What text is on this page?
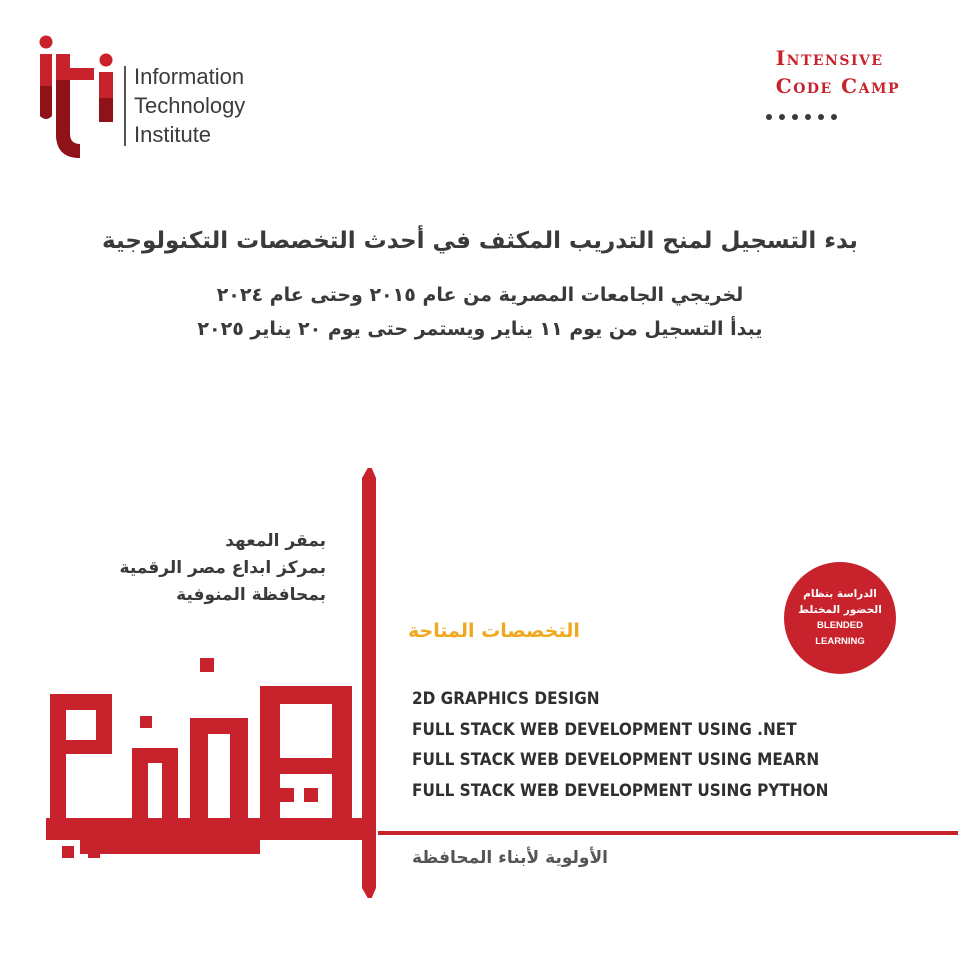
Information
Technology
Institute
Intensive
Code Camp
بدء التسجيل لمنح التدريب المكثف في أحدث التخصصات التكنولوجية
لخريجي الجامعات المصرية من عام ٢٠١٥ وحتى عام ٢٠٢٤
يبدأ التسجيل من يوم ١١ يناير ويستمر حتى يوم ٢٠ يناير ٢٠٢٥
بمقر المعهد
بمركز ابداع مصر الرقمية
بمحافظة المنوفية
التخصصات المتاحة
2D GRAPHICS DESIGN
FULL STACK WEB DEVELOPMENT USING .NET
FULL STACK WEB DEVELOPMENT USING MEARN
FULL STACK WEB DEVELOPMENT USING PYTHON
الدراسة بنظام
الحضور المختلط
BLENDED
LEARNING
الأولوية لأبناء المحافظة
